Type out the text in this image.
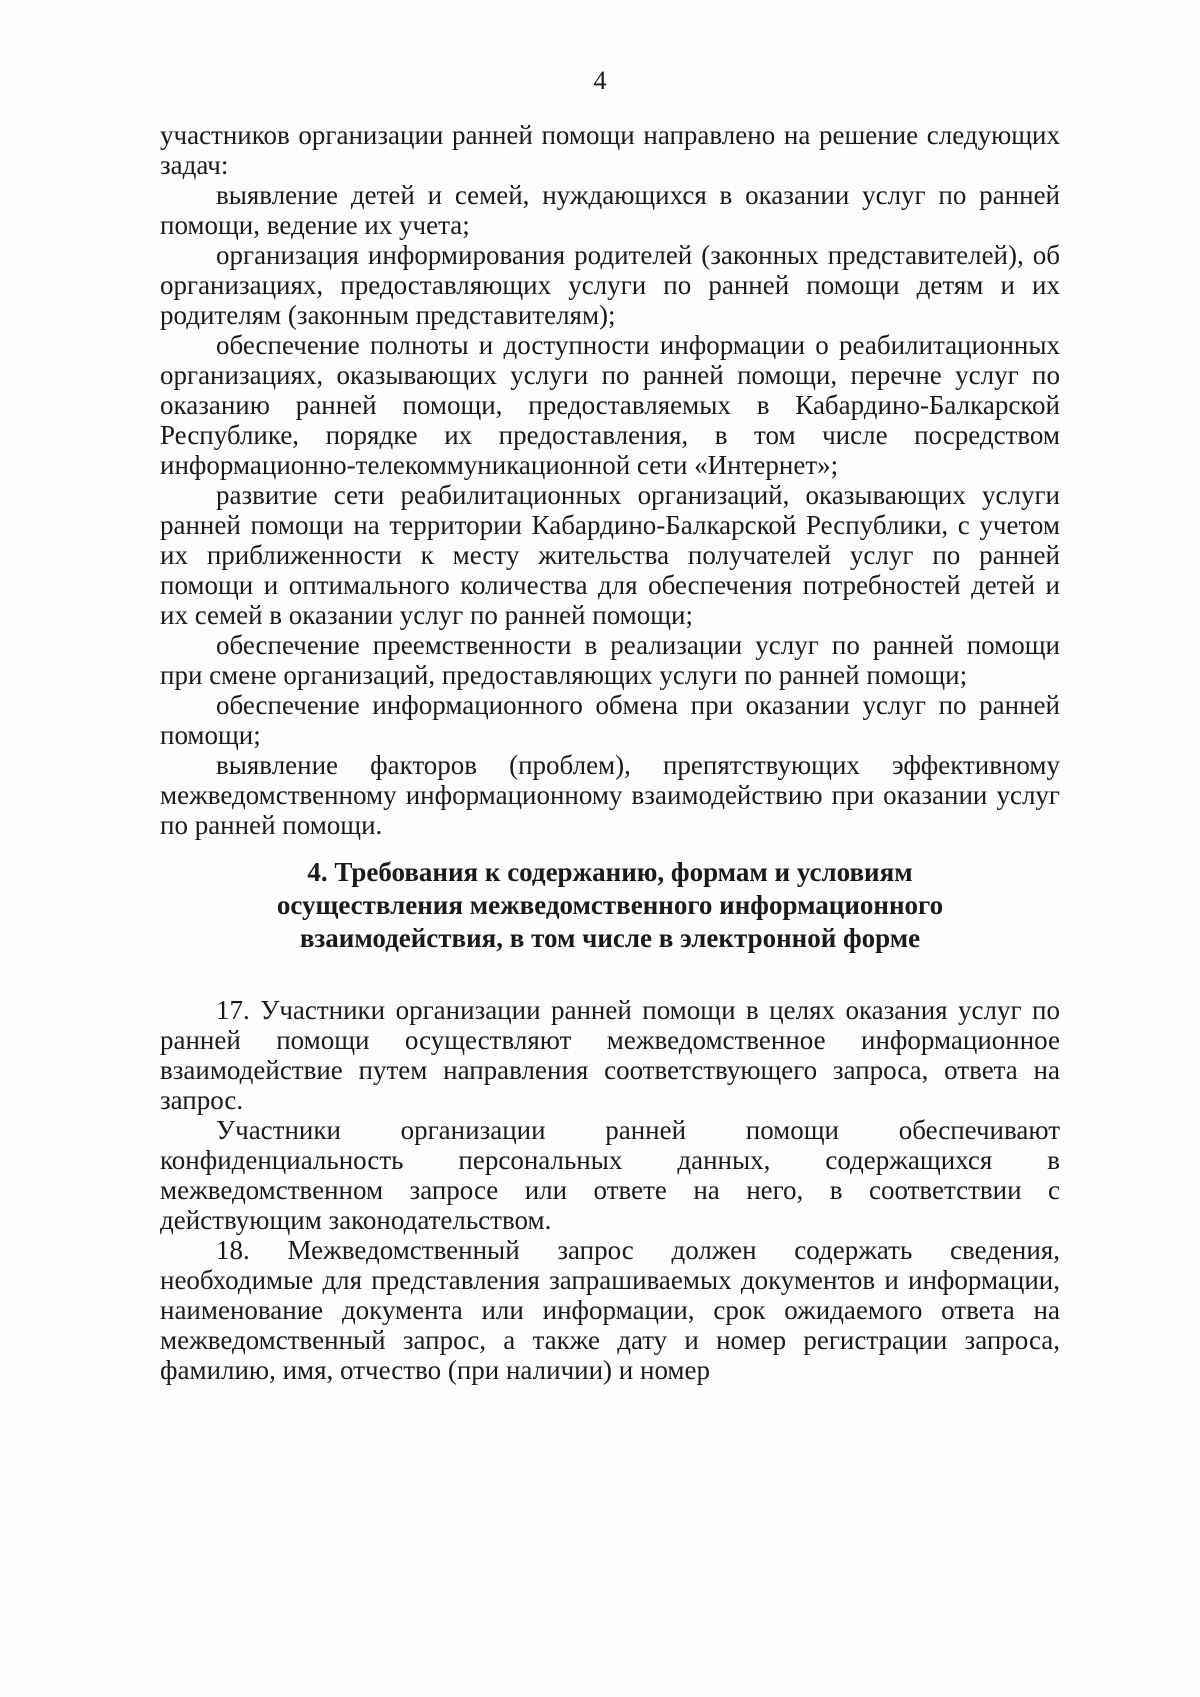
4

участников организации ранней помощи направлено на решение следующих задач:

выявление детей и семей, нуждающихся в оказании услуг по ранней помощи, ведение их учета;

организация информирования родителей (законных представителей), об организациях, предоставляющих услуги по ранней помощи детям и их родителям (законным представителям);

обеспечение полноты и доступности информации о реабилитационных организациях, оказывающих услуги по ранней помощи, перечне услуг по оказанию ранней помощи, предоставляемых в Кабардино-Балкарской Республике, порядке их предоставления, в том числе посредством информационно-телекоммуникационной сети «Интернет»;

развитие сети реабилитационных организаций, оказывающих услуги ранней помощи на территории Кабардино-Балкарской Республики, с учетом их приближенности к месту жительства получателей услуг по ранней помощи и оптимального количества для обеспечения потребностей детей и их семей в оказании услуг по ранней помощи;

обеспечение преемственности в реализации услуг по ранней помощи при смене организаций, предоставляющих услуги по ранней помощи;

обеспечение информационного обмена при оказании услуг по ранней помощи;

выявление факторов (проблем), препятствующих эффективному межведомственному информационному взаимодействию при оказании услуг по ранней помощи.

4. Требования к содержанию, формам и условиям осуществления межведомственного информационного взаимодействия, в том числе в электронной форме

17. Участники организации ранней помощи в целях оказания услуг по ранней помощи осуществляют межведомственное информационное взаимодействие путем направления соответствующего запроса, ответа на запрос.

Участники организации ранней помощи обеспечивают конфиденциальность персональных данных, содержащихся в межведомственном запросе или ответе на него, в соответствии с действующим законодательством.

18. Межведомственный запрос должен содержать сведения, необходимые для представления запрашиваемых документов и информации, наименование документа или информации, срок ожидаемого ответа на межведомственный запрос, а также дату и номер регистрации запроса, фамилию, имя, отчество (при наличии) и номер
